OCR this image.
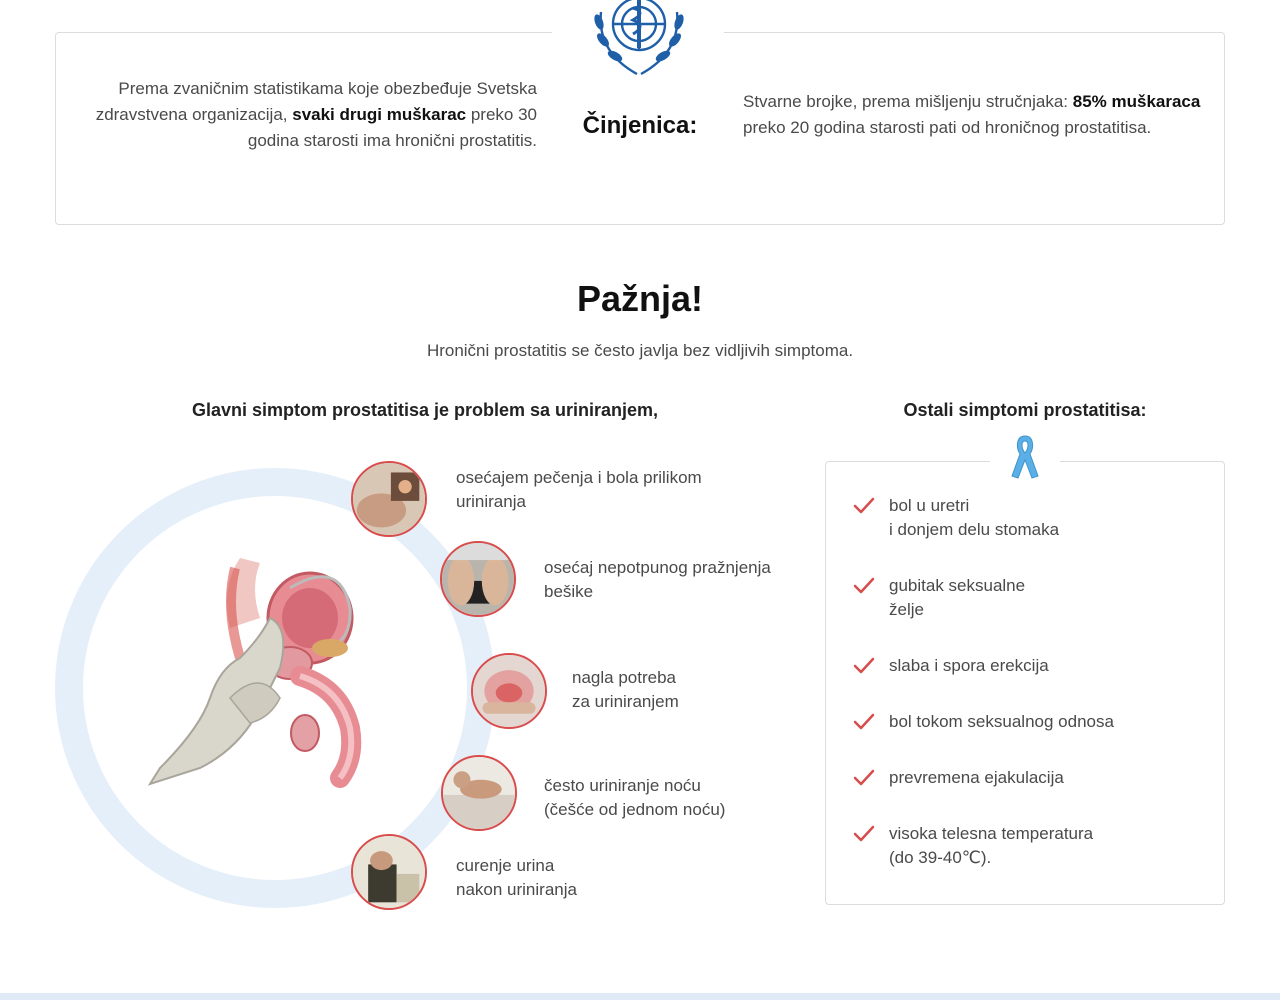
Prema zvaničnim statistikama koje obezbeđuje Svetska zdravstvena organizacija, svaki drugi muškarac preko 30 godina starosti ima hronični prostatitis.
Činjenica:
Stvarne brojke, prema mišljenju stručnjaka: 85% muškaraca preko 20 godina starosti pati od hroničnog prostatitisa.
Pažnja!
Hronični prostatitis se često javlja bez vidljivih simptoma.
Glavni simptom prostatitisa je problem sa uriniranjem,	Ostali simptomi prostatitisa:
osećajem pečenja i bola prilikom
uriniranja
osećaj nepotpunog pražnjenja
bešike
nagla potreba
za uriniranjem
često uriniranje noću
(češće od jednom noću)
curenje urina
nakon uriniranja
bol u uretri
i donjem delu stomaka
gubitak seksualne
želje
slaba i spora erekcija
bol tokom seksualnog odnosa
prevremena ejakulacija
visoka telesna temperatura
(do 39-40℃).
